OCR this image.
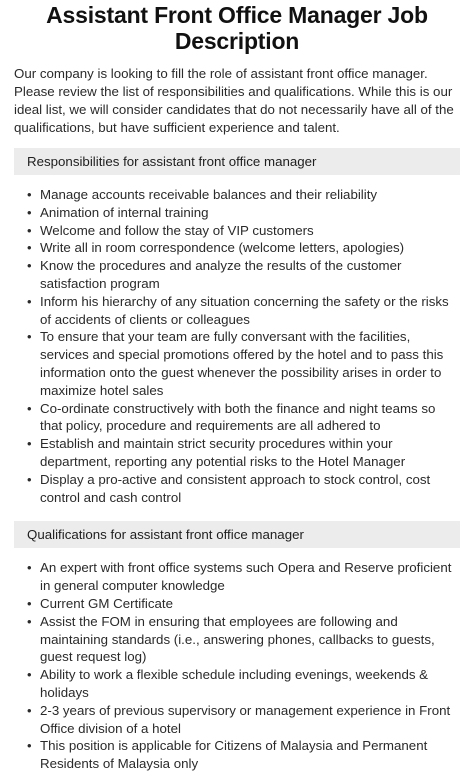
Assistant Front Office Manager Job Description

Our company is looking to fill the role of assistant front office manager. Please review the list of responsibilities and qualifications. While this is our ideal list, we will consider candidates that do not necessarily have all of the qualifications, but have sufficient experience and talent.

Responsibilities for assistant front office manager
• Manage accounts receivable balances and their reliability
• Animation of internal training
• Welcome and follow the stay of VIP customers
• Write all in room correspondence (welcome letters, apologies)
• Know the procedures and analyze the results of the customer satisfaction program
• Inform his hierarchy of any situation concerning the safety or the risks of accidents of clients or colleagues
• To ensure that your team are fully conversant with the facilities, services and special promotions offered by the hotel and to pass this information onto the guest whenever the possibility arises in order to maximize hotel sales
• Co-ordinate constructively with both the finance and night teams so that policy, procedure and requirements are all adhered to
• Establish and maintain strict security procedures within your department, reporting any potential risks to the Hotel Manager
• Display a pro-active and consistent approach to stock control, cost control and cash control
Qualifications for assistant front office manager
• An expert with front office systems such Opera and Reserve proficient in general computer knowledge
• Current GM Certificate
• Assist the FOM in ensuring that employees are following and maintaining standards (i.e., answering phones, callbacks to guests, guest request log)
• Ability to work a flexible schedule including evenings, weekends & holidays
• 2-3 years of previous supervisory or management experience in Front Office division of a hotel
• This position is applicable for Citizens of Malaysia and Permanent Residents of Malaysia only
